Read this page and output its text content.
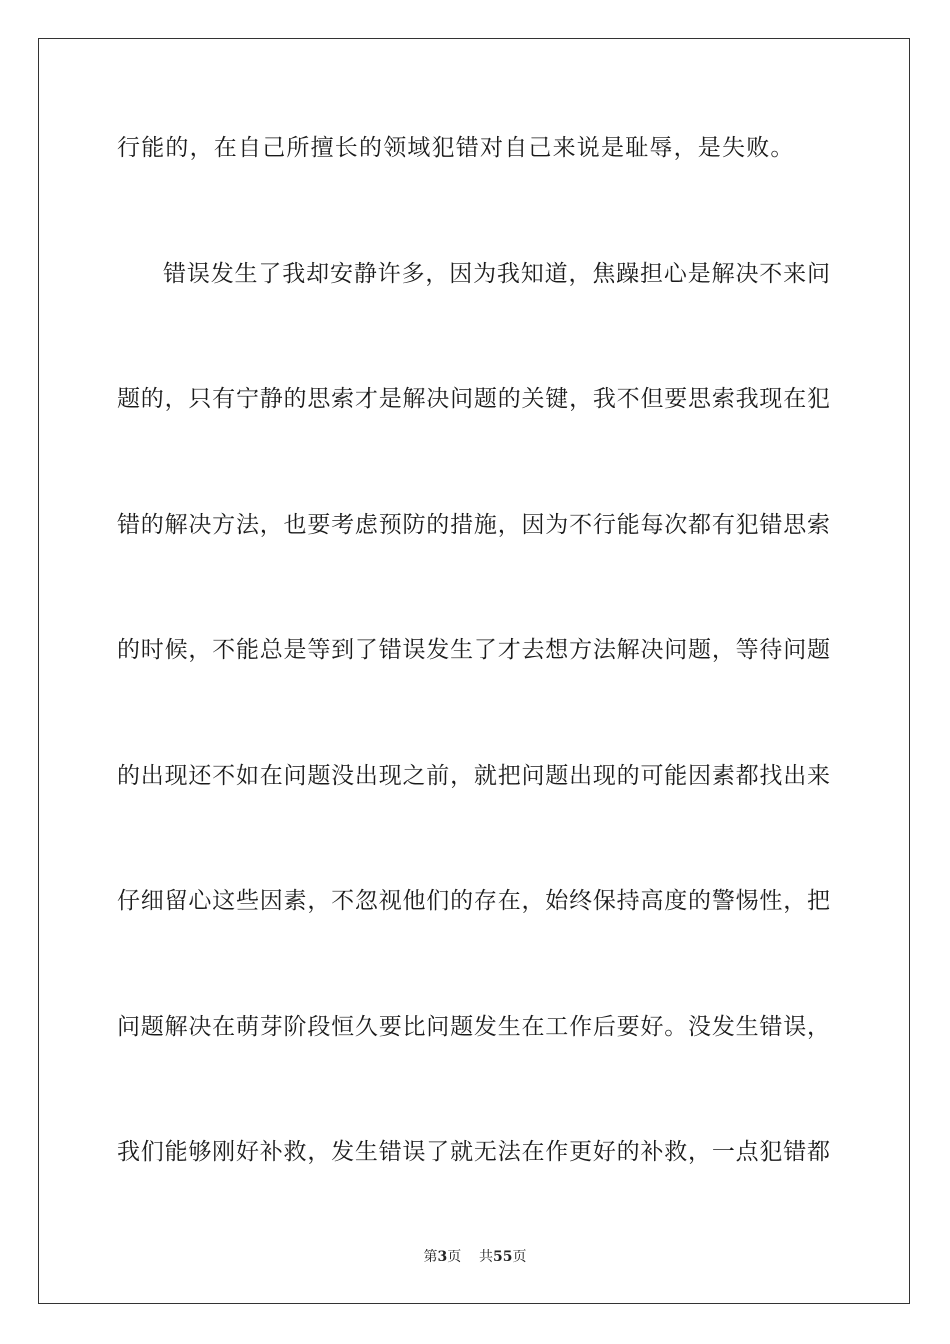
行能的，在自己所擅长的领域犯错对自己来说是耻辱，是失败。
错误发生了我却安静许多，因为我知道，焦躁担心是解决不来问
题的，只有宁静的思索才是解决问题的关键，我不但要思索我现在犯
错的解决方法，也要考虑预防的措施，因为不行能每次都有犯错思索
的时候，不能总是等到了错误发生了才去想方法解决问题，等待问题
的出现还不如在问题没出现之前，就把问题出现的可能因素都找出来
仔细留心这些因素，不忽视他们的存在，始终保持高度的警惕性，把
问题解决在萌芽阶段恒久要比问题发生在工作后要好。没发生错误，
我们能够刚好补救，发生错误了就无法在作更好的补救，一点犯错都
第3页 共55页
